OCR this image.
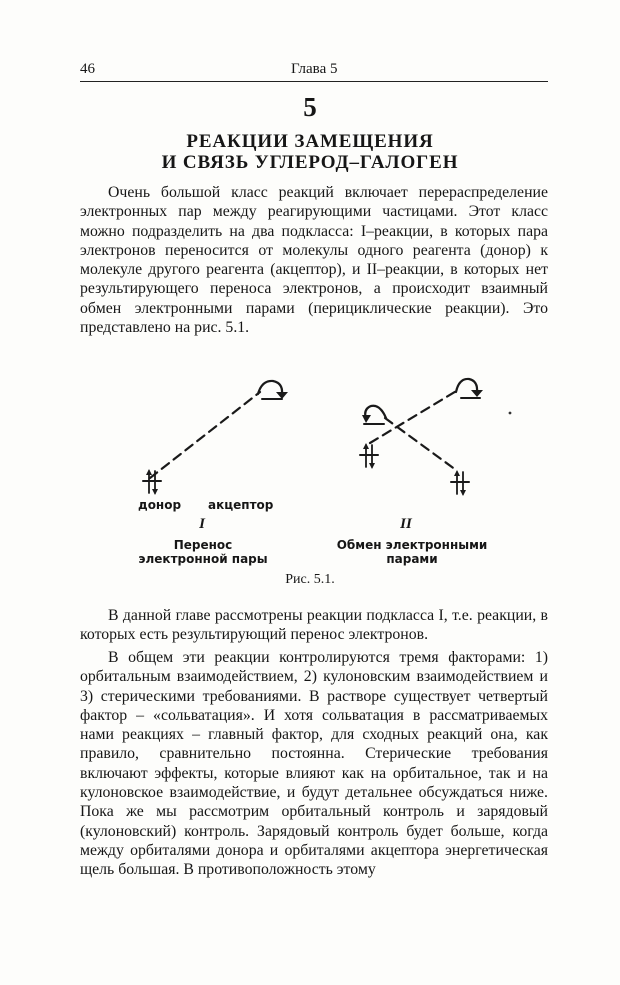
46	Глава 5
5
РЕАКЦИИ ЗАМЕЩЕНИЯ
И СВЯЗЬ УГЛЕРОД–ГАЛОГЕН

Очень большой класс реакций включает перераспределение электронных пар между реагирующими частицами. Этот класс можно подразделить на два подкласса: I–реакции, в которых пара электронов переносится от молекулы одного реагента (донор) к молекуле другого реагента (акцептор), и II–реакции, в которых нет результирующего переноса электронов, а происходит взаимный обмен электронными парами (перициклические реакции). Это представлено на рис. 5.1.

донор акцептор
I	II
Перенос электронной пары
Обмен электронными парами
Рис. 5.1.

В данной главе рассмотрены реакции подкласса I, т.е. реакции, в которых есть результирующий перенос электронов.

В общем эти реакции контролируются тремя факторами: 1) орбитальным взаимодействием, 2) кулоновским взаимодействием и 3) стерическими требованиями. В растворе существует четвертый фактор – «сольватация». И хотя сольватация в рассматриваемых нами реакциях – главный фактор, для сходных реакций она, как правило, сравнительно постоянна. Стерические требования включают эффекты, которые влияют как на орбитальное, так и на кулоновское взаимодействие, и будут детальнее обсуждаться ниже. Пока же мы рассмотрим орбитальный контроль и зарядовый (кулоновский) контроль. Зарядовый контроль будет больше, когда между орбиталями донора и орбиталями акцептора энергетическая щель большая. В противоположность этому
